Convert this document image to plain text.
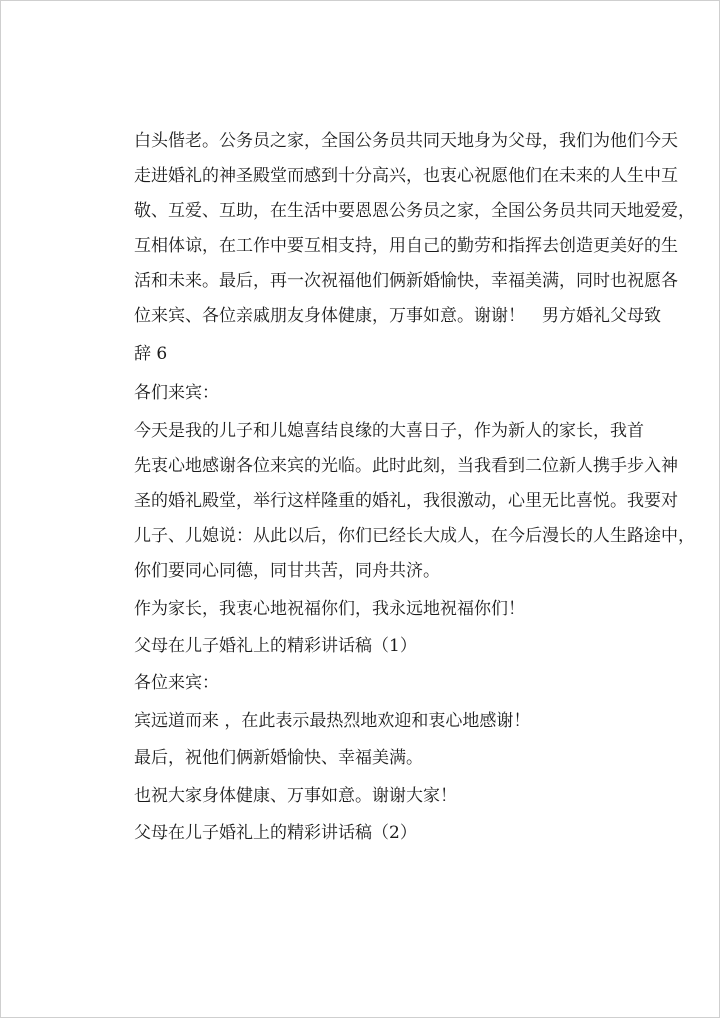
白头偕老。公务员之家，全国公务员共同天地身为父母，我们为他们今天
走进婚礼的神圣殿堂而感到十分高兴，也衷心祝愿他们在未来的人生中互
敬、互爱、互助，在生活中要恩恩公务员之家，全国公务员共同天地爱爱，
互相体谅，在工作中要互相支持，用自己的勤劳和指挥去创造更美好的生
活和未来。最后，再一次祝福他们俩新婚愉快，幸福美满，同时也祝愿各
位来宾、各位亲戚朋友身体健康，万事如意。谢谢！　男方婚礼父母致
辞 6
各们来宾：
今天是我的儿子和儿媳喜结良缘的大喜日子，作为新人的家长，我首
先衷心地感谢各位来宾的光临。此时此刻，当我看到二位新人携手步入神
圣的婚礼殿堂，举行这样隆重的婚礼，我很激动，心里无比喜悦。我要对
儿子、儿媳说：从此以后，你们已经长大成人，在今后漫长的人生路途中，
你们要同心同德，同甘共苦，同舟共济。
作为家长，我衷心地祝福你们，我永远地祝福你们！
父母在儿子婚礼上的精彩讲话稿（1）
各位来宾：
宾远道而来 ，在此表示最热烈地欢迎和衷心地感谢！
最后，祝他们俩新婚愉快、幸福美满。
也祝大家身体健康、万事如意。谢谢大家！
父母在儿子婚礼上的精彩讲话稿（2）
